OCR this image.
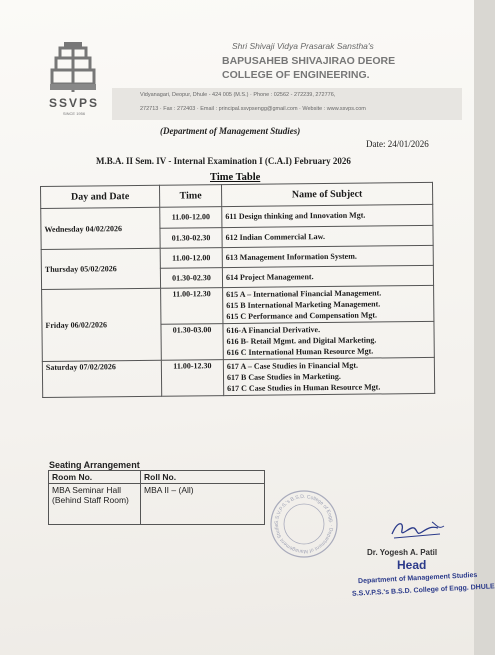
SSVPS
SINCE 1956
Shri Shivaji Vidya Prasarak Sanstha's
BAPUSAHEB SHIVAJIRAO DEORE
COLLEGE OF ENGINEERING.
Vidyanagari, Deopur, Dhule - 424 005 (M.S.) · Phone : 02562 - 272239, 272776,
272713 · Fax : 272403 · Email : principal.ssvpsengg@gmail.com · Website : www.ssvps.com
(Department of Management Studies)
Date: 24/01/2026
M.B.A. II Sem. IV - Internal Examination I (C.A.I) February 2026
Time Table
Day and Date	Time	Name of Subject
Wednesday 04/02/2026	11.00-12.00	611 Design thinking and Innovation Mgt.
	01.30-02.30	612 Indian Commercial Law.
Thursday 05/02/2026	11.00-12.00	613 Management Information System.
	01.30-02.30	614 Project Management.
Friday 06/02/2026	11.00-12.30	615 A – International Financial Management.
615 B International Marketing Management.
615 C Performance and Compensation Mgt.

	01.30-03.00	616-A Financial Derivative.
616 B- Retail Mgmt. and Digital Marketing.
616 C International Human Resource Mgt.

Saturday 07/02/2026	11.00-12.30	617 A – Case Studies in Financial Mgt.
617 B Case Studies in Marketing.
617 C Case Studies in Human Resource Mgt.
Seating Arrangement
Room No.	Roll No.
MBA Seminar Hall (Behind Staff Room)	MBA II – (All)
S.S.V.P.S.'s B.S.D. College of Engg. · Department of Management Studie
Dr. Yogesh A. Patil
Head
Department of Management Studies
S.S.V.P.S.'s B.S.D. College of Engg. DHULE
